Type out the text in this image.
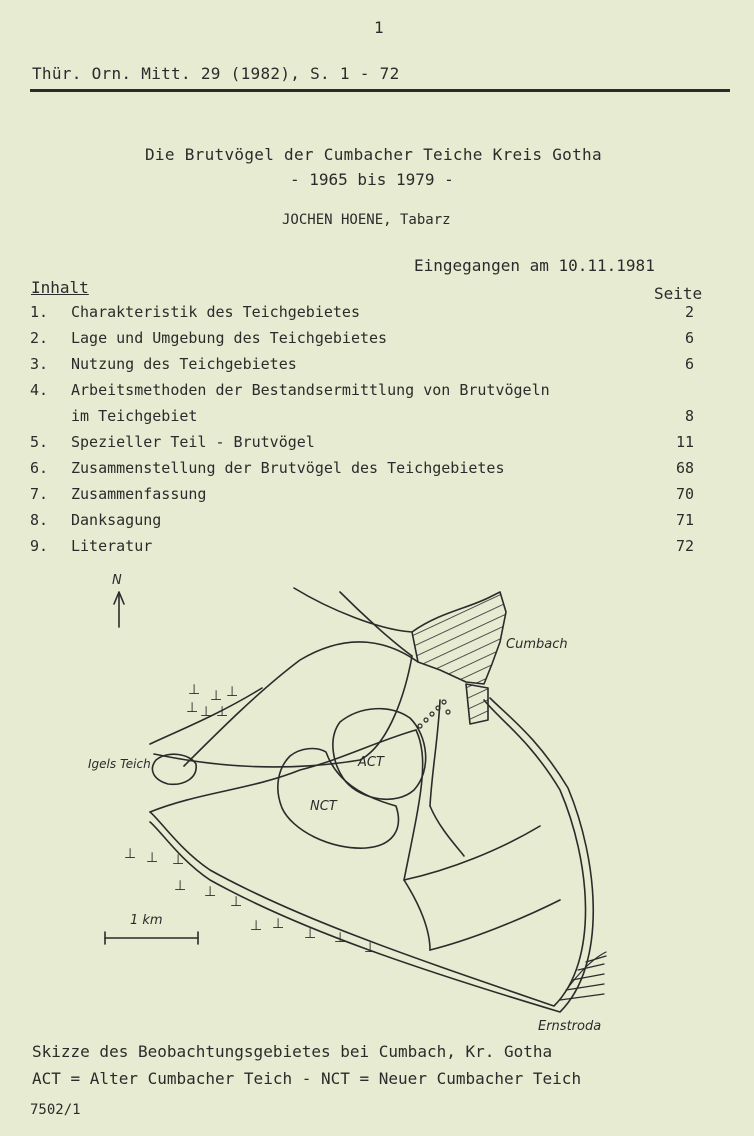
1
Thür. Orn. Mitt. 29 (1982), S. 1 - 72
Die Brutvögel der Cumbacher Teiche Kreis Gotha
- 1965 bis 1979 -
JOCHEN HOENE, Tabarz
Eingegangen am 10.11.1981
Inhalt	Seite
1. Charakteristik des Teichgebietes	2
2. Lage und Umgebung des Teichgebietes	6
3. Nutzung des Teichgebietes	6
4. Arbeitsmethoden der Bestandsermittlung von Brutvögeln
im Teichgebiet	8
5. Spezieller Teil - Brutvögel	11
6. Zusammenstellung der Brutvögel des Teichgebietes	68
7. Zusammenfassung	70
8. Danksagung	71
9. Literatur	72
⊥ ⊥ ⊥
⊥ ⊥ ⊥
⊥ ⊥ ⊥
⊥ ⊥
⊥
⊥ ⊥
⊥ ⊥
⊥
N
Cumbach
Igels Teich	ACT
NCT
1 km
Ernstroda
Skizze des Beobachtungsgebietes bei Cumbach, Kr. Gotha
ACT = Alter Cumbacher Teich - NCT = Neuer Cumbacher Teich
7502/1
